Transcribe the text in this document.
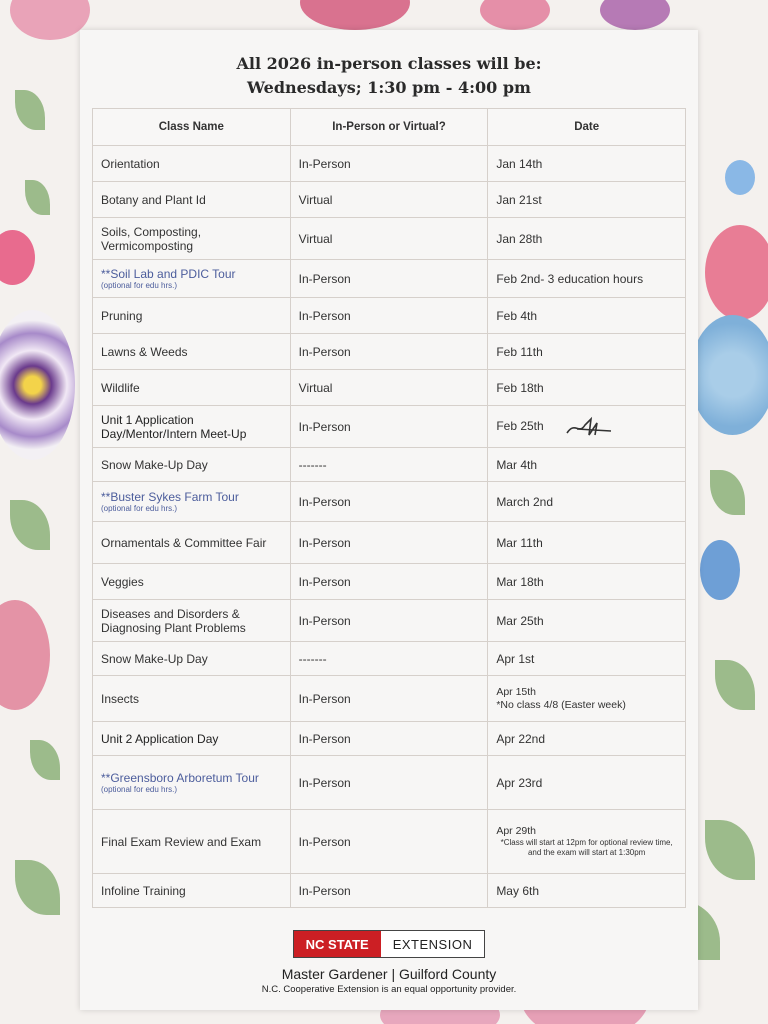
All 2026 in-person classes will be:
Wednesdays; 1:30 pm - 4:00 pm
Class Name	In-Person or Virtual?	Date
Orientation	In-Person	Jan 14th
Botany and Plant Id	Virtual	Jan 21st
Soils, Composting, Vermicomposting	Virtual	Jan 28th
**Soil Lab and PDIC Tour
(optional for edu hrs.)	In-Person	Feb 2nd- 3 education hours
Pruning	In-Person	Feb 4th
Lawns & Weeds	In-Person	Feb 11th
Wildlife	Virtual	Feb 18th
Unit 1 Application Day/Mentor/Intern Meet-Up	In-Person	Feb 25th
Snow Make-Up Day	-------	Mar 4th
**Buster Sykes Farm Tour
(optional for edu hrs.)	In-Person	March 2nd
Ornamentals & Committee Fair	In-Person	Mar 11th
Veggies	In-Person	Mar 18th
Diseases and Disorders & Diagnosing Plant Problems	In-Person	Mar 25th
Snow Make-Up Day	-------	Apr 1st
Insects	In-Person	Apr 15th
*No class 4/8 (Easter week)

Unit 2 Application Day	In-Person	Apr 22nd
**Greensboro Arboretum Tour
(optional for edu hrs.)	In-Person	Apr 23rd
Final Exam Review and Exam	In-Person	Apr 29th
*Class will start at 12pm for optional review time, and the exam will start at 1:30pm

Infoline Training	In-Person	May 6th
NC STATE	EXTENSION
Master Gardener | Guilford County
N.C. Cooperative Extension is an equal opportunity provider.
